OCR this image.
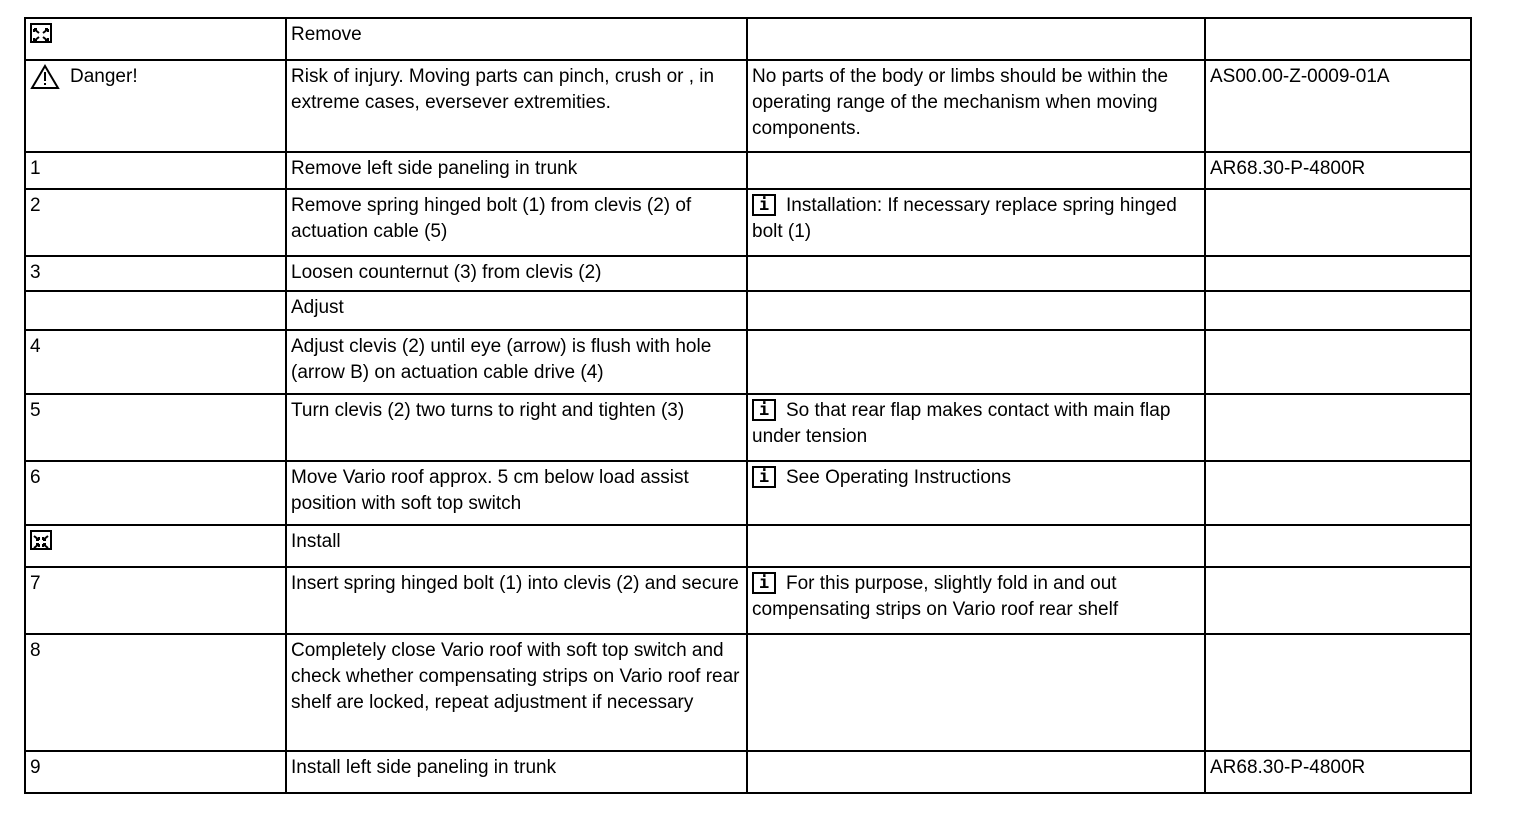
	Remove		

Danger!	Risk of injury. Moving parts can pinch, crush or , in extreme cases, eversever extremities.	No parts of the body or limbs should be within the operating range of the mechanism when moving components.	AS00.00-Z-0009-01A
1	Remove left side paneling in trunk		AR68.30-P-4800R
2	Remove spring hinged bolt (1) from clevis (2) of actuation cable (5)	i Installation: If necessary replace spring hinged bolt (1)	
3	Loosen counternut (3) from clevis (2)		
	Adjust		
4	Adjust clevis (2) until eye (arrow) is flush with hole (arrow B) on actuation cable drive (4)		
5	Turn clevis (2) two turns to right and tighten (3)	i So that rear flap makes contact with main flap under tension	
6	Move Vario roof approx. 5 cm below load assist position with soft top switch	i See Operating Instructions	
	Install		
7	Insert spring hinged bolt (1) into clevis (2) and secure	i For this purpose, slightly fold in and out compensating strips on Vario roof rear shelf	
8	Completely close Vario roof with soft top switch and check whether compensating strips on Vario roof rear shelf are locked, repeat adjustment if necessary		
9	Install left side paneling in trunk		AR68.30-P-4800R
